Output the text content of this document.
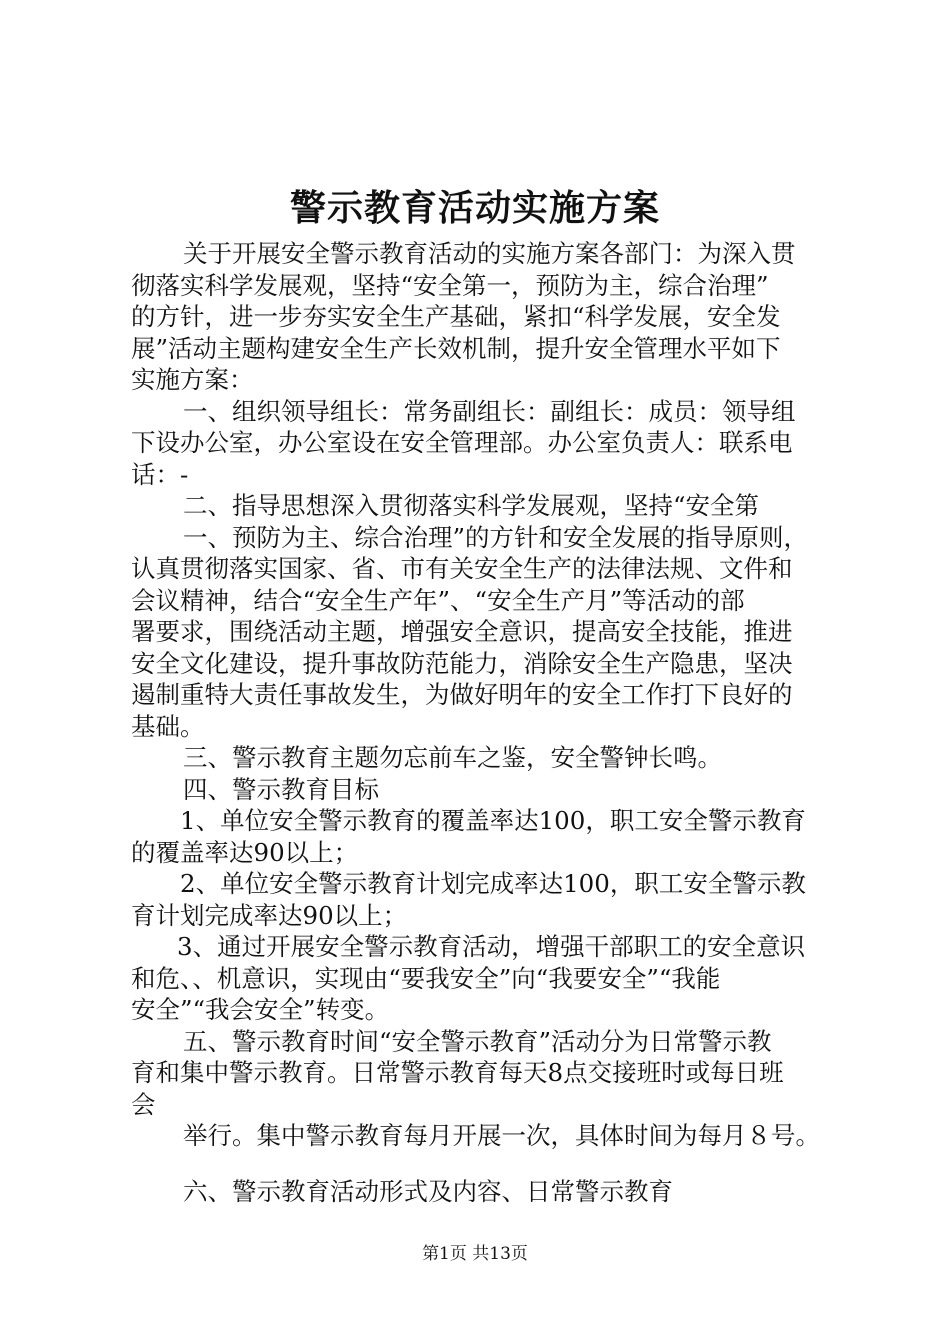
警示教育活动实施方案
关于开展安全警示教育活动的实施方案各部门：为深入贯
彻落实科学发展观，坚持“安全第一，预防为主，综合治理”
的方针，进一步夯实安全生产基础，紧扣“科学发展，安全发
展”活动主题构建安全生产长效机制，提升安全管理水平如下
实施方案：
一、组织领导组长：常务副组长：副组长：成员：领导组
下设办公室，办公室设在安全管理部。办公室负责人：联系电
话：-
二、指导思想深入贯彻落实科学发展观，坚持“安全第
一、预防为主、综合治理”的方针和安全发展的指导原则，
认真贯彻落实国家、省、市有关安全生产的法律法规、文件和
会议精神，结合“安全生产年”、“安全生产月”等活动的部
署要求，围绕活动主题，增强安全意识，提高安全技能，推进
安全文化建设，提升事故防范能力，消除安全生产隐患，坚决
遏制重特大责任事故发生，为做好明年的安全工作打下良好的
基础。
三、警示教育主题勿忘前车之鉴，安全警钟长鸣。
四、警示教育目标
1、单位安全警示教育的覆盖率达100，职工安全警示教育
的覆盖率达90以上；
2、单位安全警示教育计划完成率达100，职工安全警示教
育计划完成率达90以上；
3、通过开展安全警示教育活动，增强干部职工的安全意识
和危、、机意识，实现由“要我安全”向“我要安全”“我能
安全”“我会安全”转变。
五、警示教育时间“安全警示教育”活动分为日常警示教
育和集中警示教育。日常警示教育每天8点交接班时或每日班
会
举行。集中警示教育每月开展一次，具体时间为每月８号。
六、警示教育活动形式及内容、日常警示教育
第1页 共13页
